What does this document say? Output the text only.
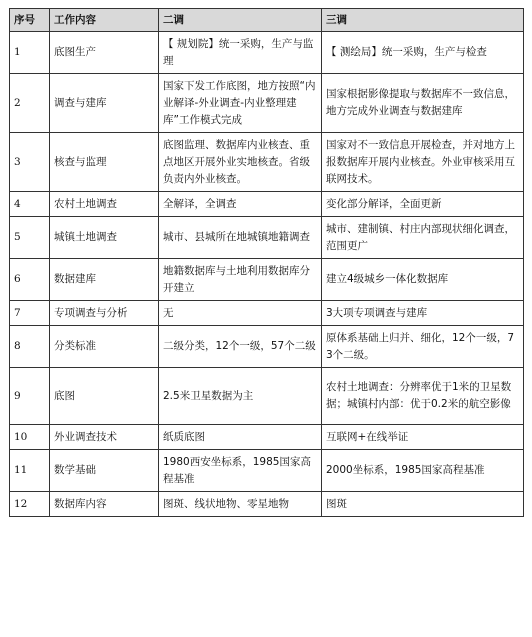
序号	工作内容	二调	三调
1	底图生产	【 规划院】统一采购，生产与监理	【 测绘局】统一采购，生产与检查
2	调查与建库	国家下发工作底图，地方按照“内业解译-外业调查-内业整理建库”工作模式完成	国家根据影像提取与数据库不一致信息，地方完成外业调查与数据建库
3	核查与监理	底图监理、数据库内业核查、重点地区开展外业实地核查。省级负责内外业核查。	国家对不一致信息开展检查，并对地方上报数据库开展内业核查。外业审核采用互联网技术。
4	农村土地调查	全解译，全调查	变化部分解译，全面更新
5	城镇土地调查	城市、县城所在地城镇地籍调查	城市、建制镇、村庄内部现状细化调查，范围更广
6	数据建库	地籍数据库与土地利用数据库分开建立	建立4级城乡一体化数据库
7	专项调查与分析	无	3大项专项调查与建库
8	分类标准	二级分类，12个一级，57个二级	原体系基础上归并、细化，12个一级，73个二级。
9	底图	2.5米卫星数据为主	农村土地调查：分辨率优于1米的卫星数据；城镇村内部：优于0.2米的航空影像
10	外业调查技术	纸质底图	互联网+在线举证
11	数学基础	1980西安坐标系，1985国家高程基准	2000坐标系，1985国家高程基准
12	数据库内容	图斑、线状地物、零星地物	图斑
